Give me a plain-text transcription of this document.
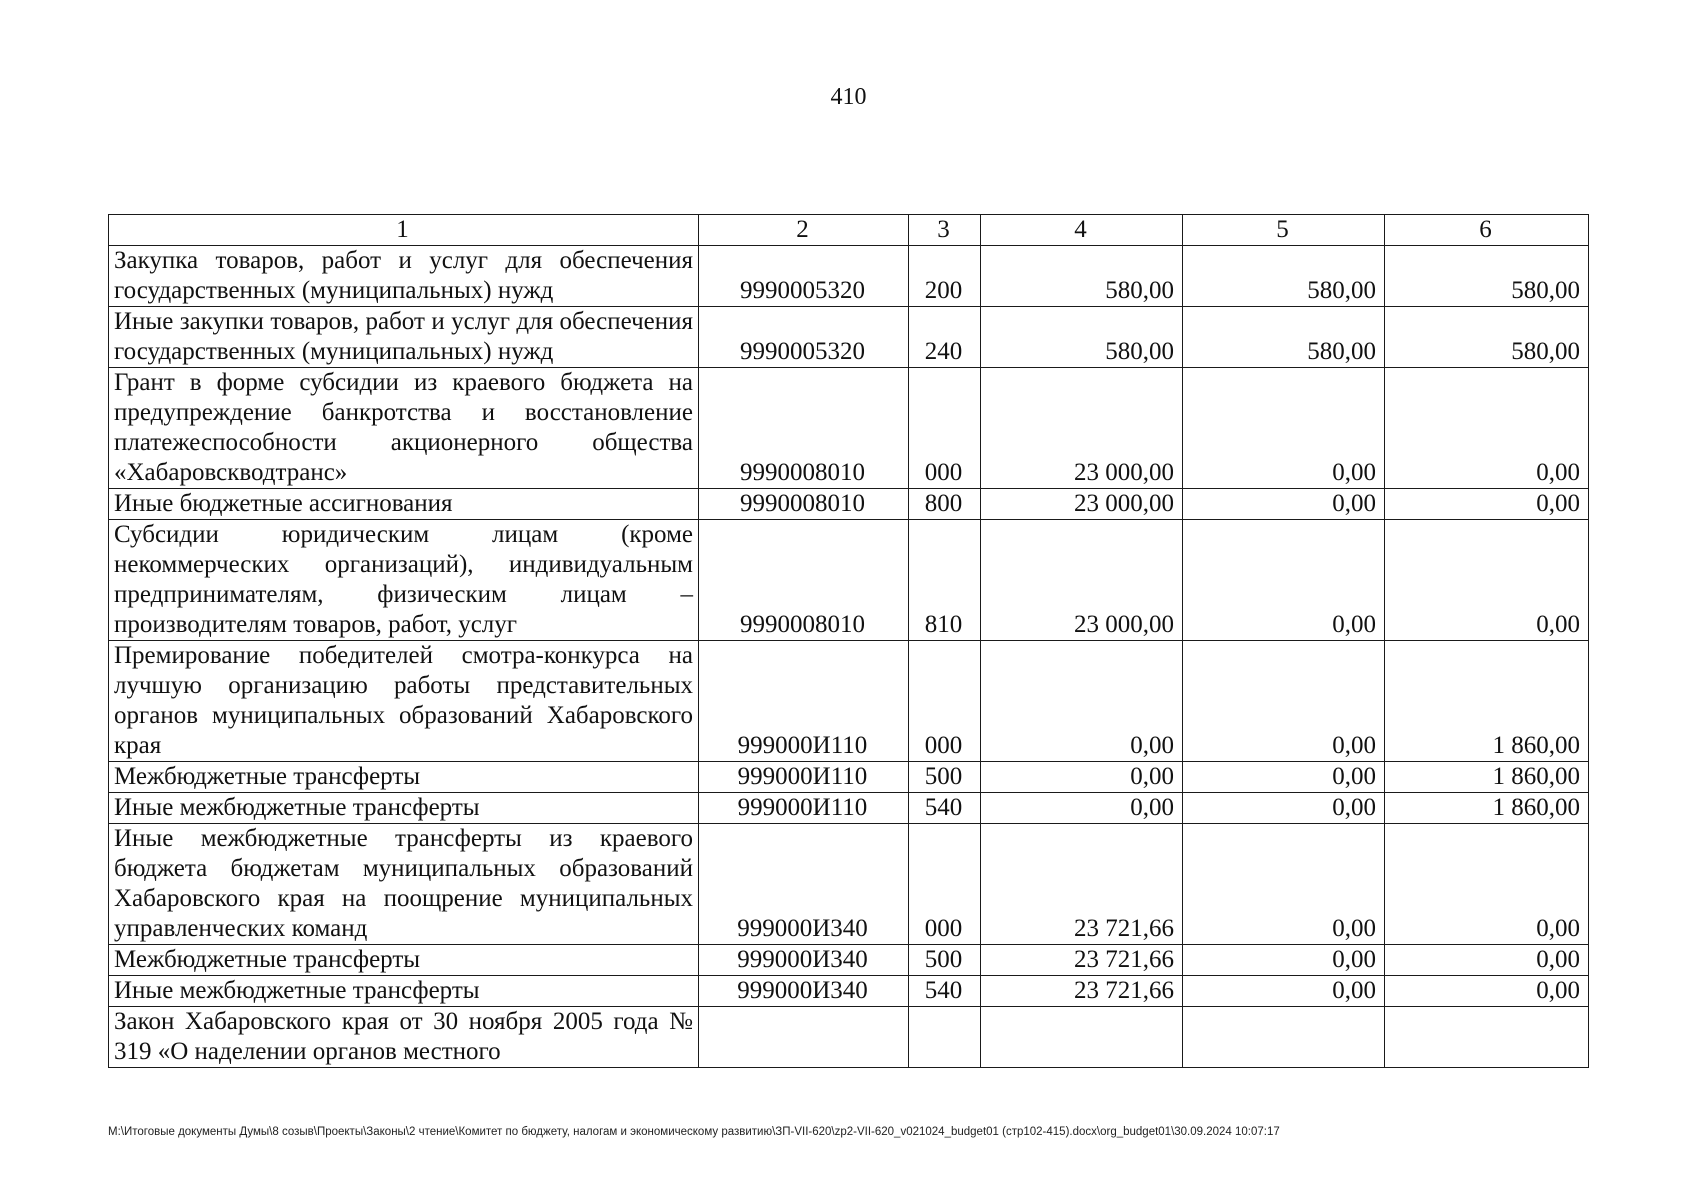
410
1	2	3	4	5	6
Закупка товаров, работ и услуг для обеспечения государственных (муниципальных) нужд	9990005320	200	580,00	580,00	580,00
Иные закупки товаров, работ и услуг для обеспечения государственных (муниципальных) нужд	9990005320	240	580,00	580,00	580,00
Грант в форме субсидии из краевого бюджета на предупреждение банкротства и восстановление платежеспособности акционерного общества «Хабаровскводтранс»	9990008010	000	23 000,00	0,00	0,00
Иные бюджетные ассигнования	9990008010	800	23 000,00	0,00	0,00
Субсидии юридическим лицам (кроме некоммерческих организаций), индивидуальным предпринимателям, физическим лицам – производителям товаров, работ, услуг	9990008010	810	23 000,00	0,00	0,00
Премирование победителей смотра-конкурса на лучшую организацию работы представительных органов муниципальных образований Хабаровского края	999000И110	000	0,00	0,00	1 860,00
Межбюджетные трансферты	999000И110	500	0,00	0,00	1 860,00
Иные межбюджетные трансферты	999000И110	540	0,00	0,00	1 860,00
Иные межбюджетные трансферты из краевого бюджета бюджетам муниципальных образований Хабаровского края на поощрение муниципальных управленческих команд	999000И340	000	23 721,66	0,00	0,00
Межбюджетные трансферты	999000И340	500	23 721,66	0,00	0,00
Иные межбюджетные трансферты	999000И340	540	23 721,66	0,00	0,00
Закон Хабаровского края от 30 ноября 2005 года № 319 «О наделении органов местного					
М:\Итоговые документы Думы\8 созыв\Проекты\Законы\2 чтение\Комитет по бюджету, налогам и экономическому развитию\ЗП-VII-620\zp2-VII-620_v021024_budget01 (стр102-415).docx\org_budget01\30.09.2024 10:07:17
